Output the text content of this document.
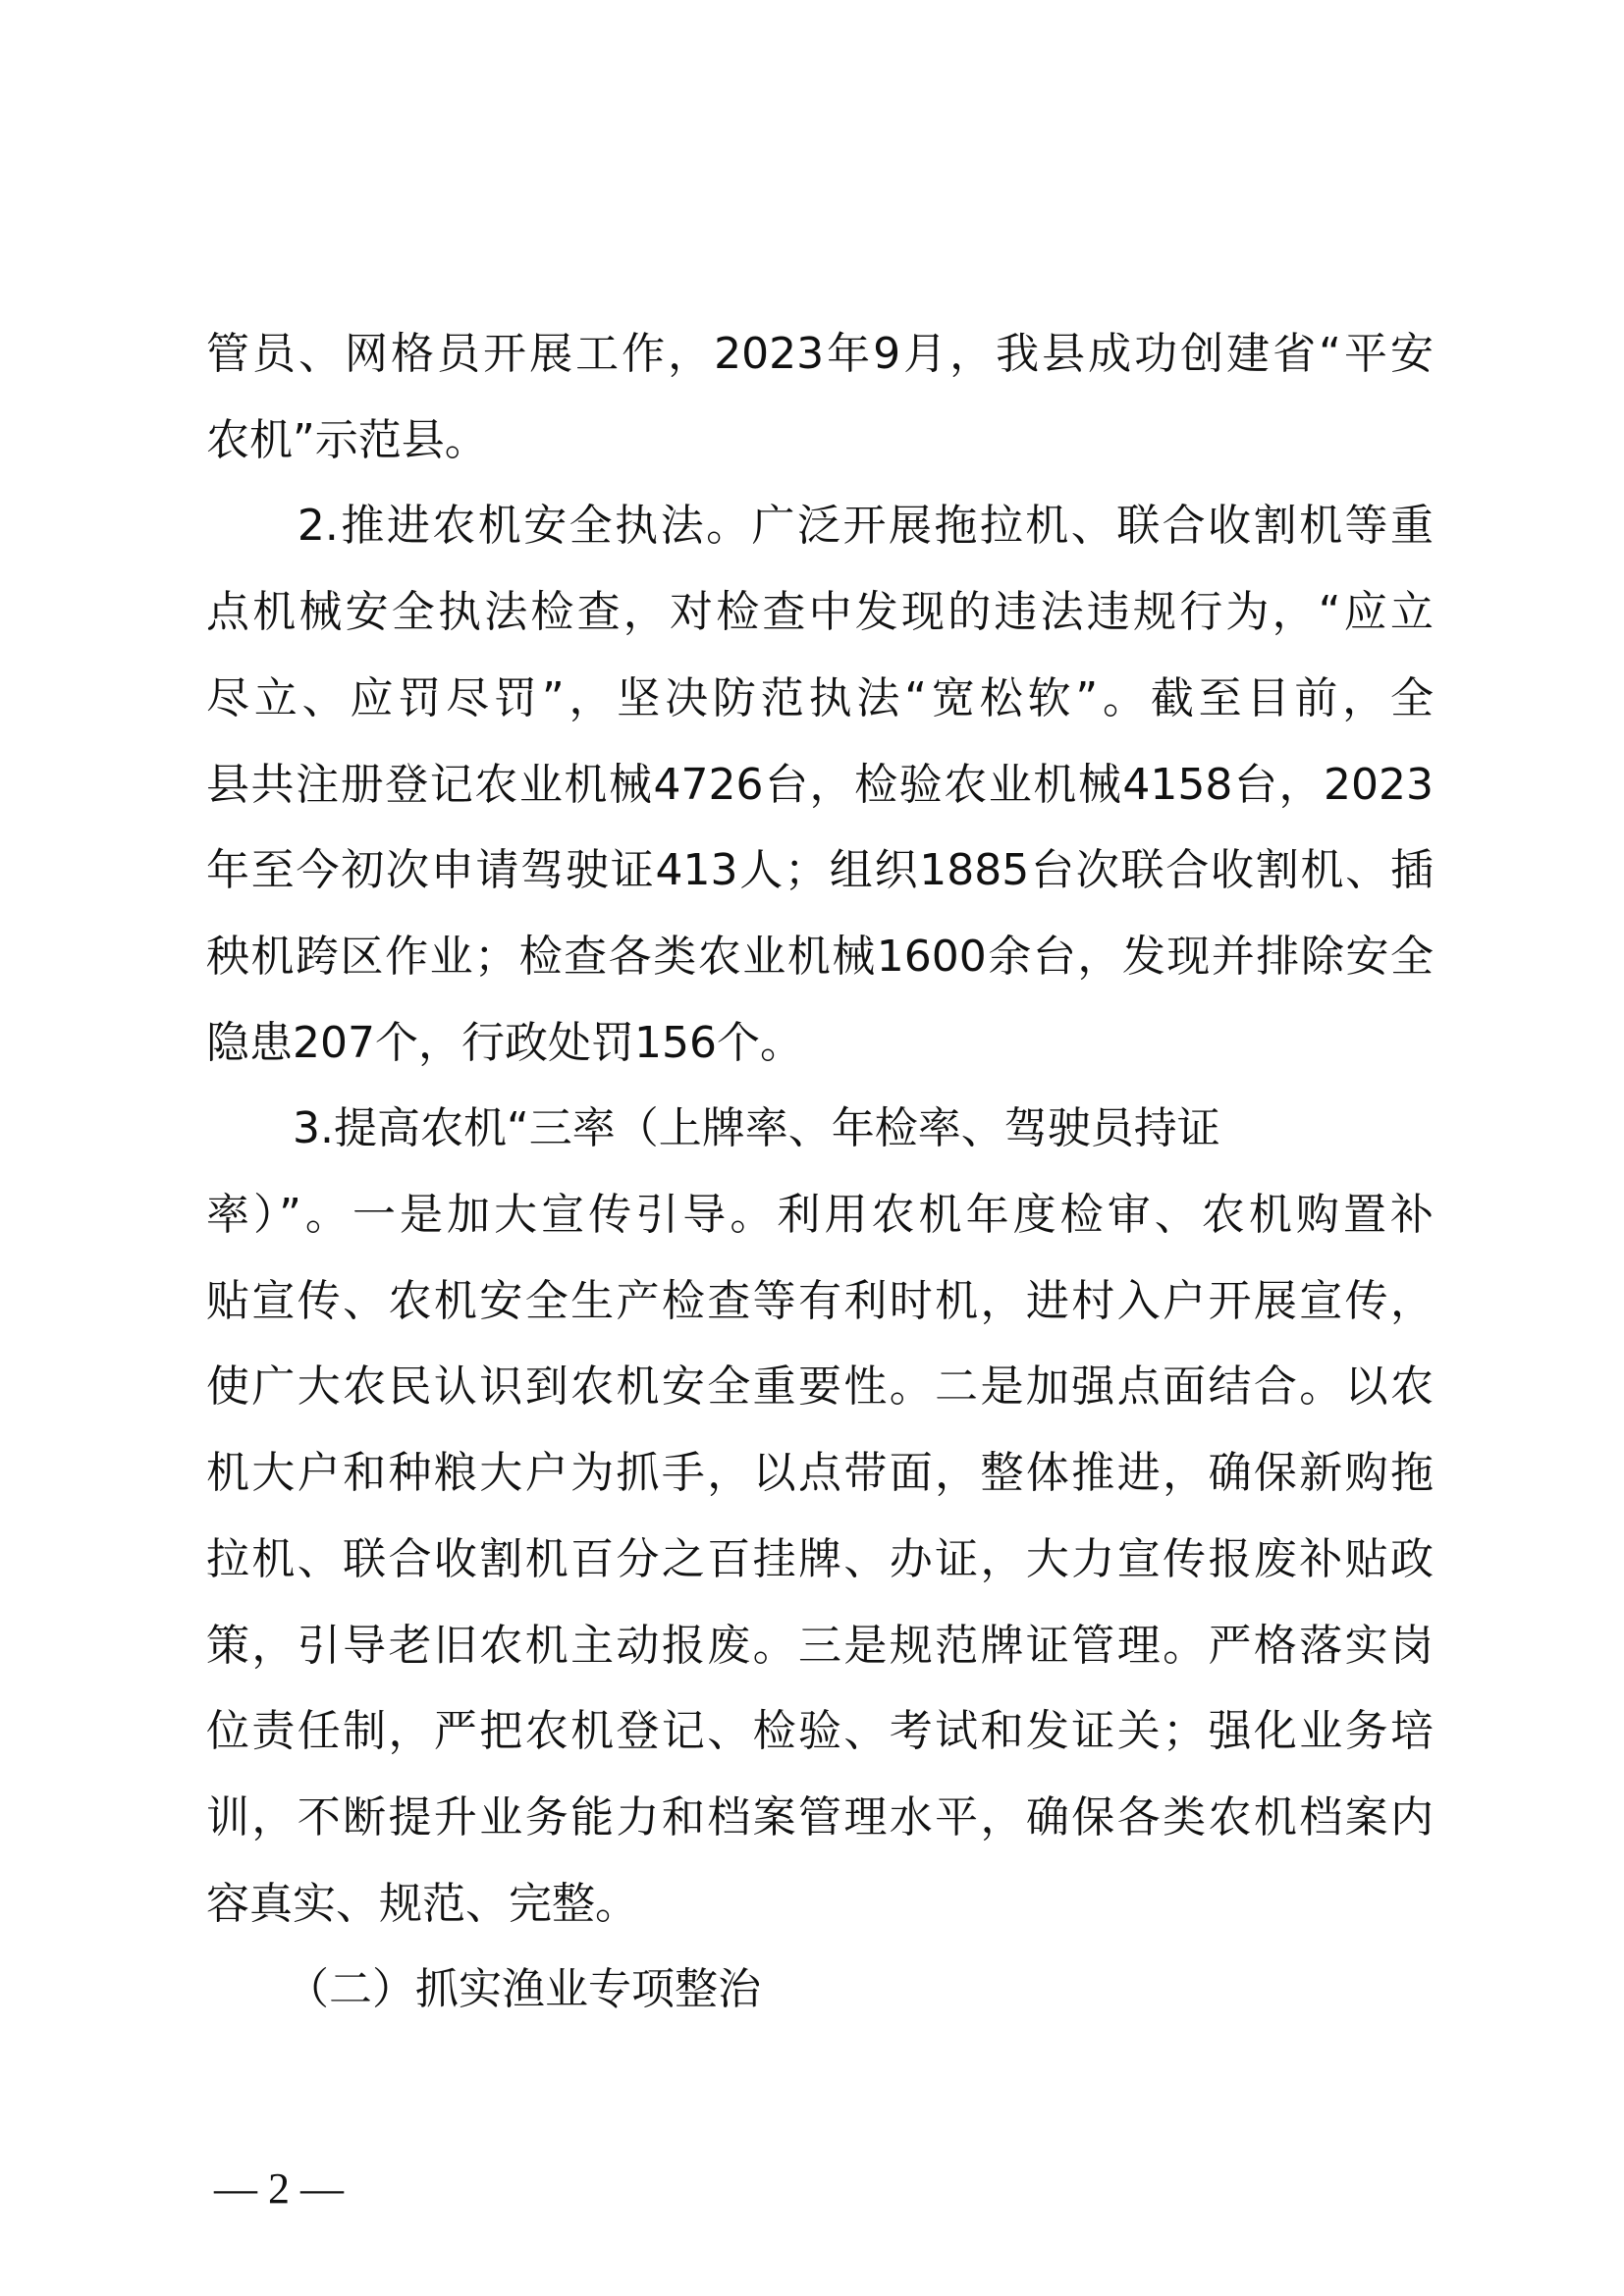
管员、网格员开展工作，2023年9月，我县成功创建省“平安
农机”示范县。
　　2.推进农机安全执法。广泛开展拖拉机、联合收割机等重
点机械安全执法检查，对检查中发现的违法违规行为，“应立
尽立、应罚尽罚”，坚决防范执法“宽松软”。截至目前，全
县共注册登记农业机械4726台，检验农业机械4158台，2023
年至今初次申请驾驶证413人；组织1885台次联合收割机、插
秧机跨区作业；检查各类农业机械1600余台，发现并排除安全
隐患207个，行政处罚156个。
　　3.提高农机“三率（上牌率、年检率、驾驶员持证
率）”。一是加大宣传引导。利用农机年度检审、农机购置补
贴宣传、农机安全生产检查等有利时机，进村入户开展宣传，
使广大农民认识到农机安全重要性。二是加强点面结合。以农
机大户和种粮大户为抓手，以点带面，整体推进，确保新购拖
拉机、联合收割机百分之百挂牌、办证，大力宣传报废补贴政
策，引导老旧农机主动报废。三是规范牌证管理。严格落实岗
位责任制，严把农机登记、检验、考试和发证关；强化业务培
训，不断提升业务能力和档案管理水平，确保各类农机档案内
容真实、规范、完整。
　　（二）抓实渔业专项整治
— 2 —
